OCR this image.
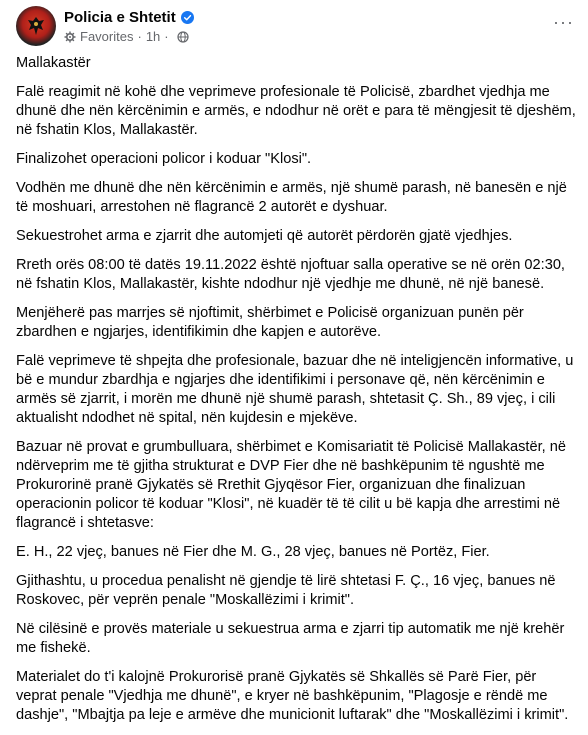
Policia e Shtetit
Favorites · 1h ·
···

Mallakastër

Falë reagimit në kohë dhe veprimeve profesionale të Policisë, zbardhet vjedhja me dhunë dhe nën kërcënimin e armës, e ndodhur në orët e para të mëngjesit të djeshëm, në fshatin Klos, Mallakastër.

Finalizohet operacioni policor i koduar "Klosi".

Vodhën me dhunë dhe nën kërcënimin e armës, një shumë parash, në banesën e një të moshuari, arrestohen në flagrancë 2 autorët e dyshuar.

Sekuestrohet arma e zjarrit dhe automjeti që autorët përdorën gjatë vjedhjes.

Rreth orës 08:00 të datës 19.11.2022 është njoftuar salla operative se në orën 02:30, në fshatin Klos, Mallakastër, kishte ndodhur një vjedhje me dhunë, në një banesë.

Menjëherë pas marrjes së njoftimit, shërbimet e Policisë organizuan punën për zbardhen e ngjarjes, identifikimin dhe kapjen e autorëve.

Falë veprimeve të shpejta dhe profesionale, bazuar dhe në inteligjencën informative, u bë e mundur zbardhja e ngjarjes dhe identifikimi i personave që, nën kërcënimin e armës së zjarrit, i morën me dhunë një shumë parash, shtetasit Ç. Sh., 89 vjeç, i cili aktualisht ndodhet në spital, nën kujdesin e mjekëve.

Bazuar në provat e grumbulluara, shërbimet e Komisariatit të Policisë Mallakastër, në ndërveprim me të gjitha strukturat e DVP Fier dhe në bashkëpunim të ngushtë me Prokurorinë pranë Gjykatës së Rrethit Gjyqësor Fier, organizuan dhe finalizuan operacionin policor të koduar "Klosi", në kuadër të të cilit u bë kapja dhe arrestimi në flagrancë i shtetasve:

E. H., 22 vjeç, banues në Fier dhe M. G., 28 vjeç, banues në Portëz, Fier.

Gjithashtu, u procedua penalisht në gjendje të lirë shtetasi F. Ç., 16 vjeç, banues në Roskovec, për veprën penale "Moskallëzimi i krimit".

Në cilësinë e provës materiale u sekuestrua arma e zjarri tip automatik me një krehër me fishekë.

Materialet do t'i kalojnë Prokurorisë pranë Gjykatës së Shkallës së Parë Fier, për veprat penale "Vjedhja me dhunë", e kryer në bashkëpunim, "Plagosje e rëndë me dashje", "Mbajtja pa leje e armëve dhe municionit luftarak" dhe "Moskallëzimi i krimit".
